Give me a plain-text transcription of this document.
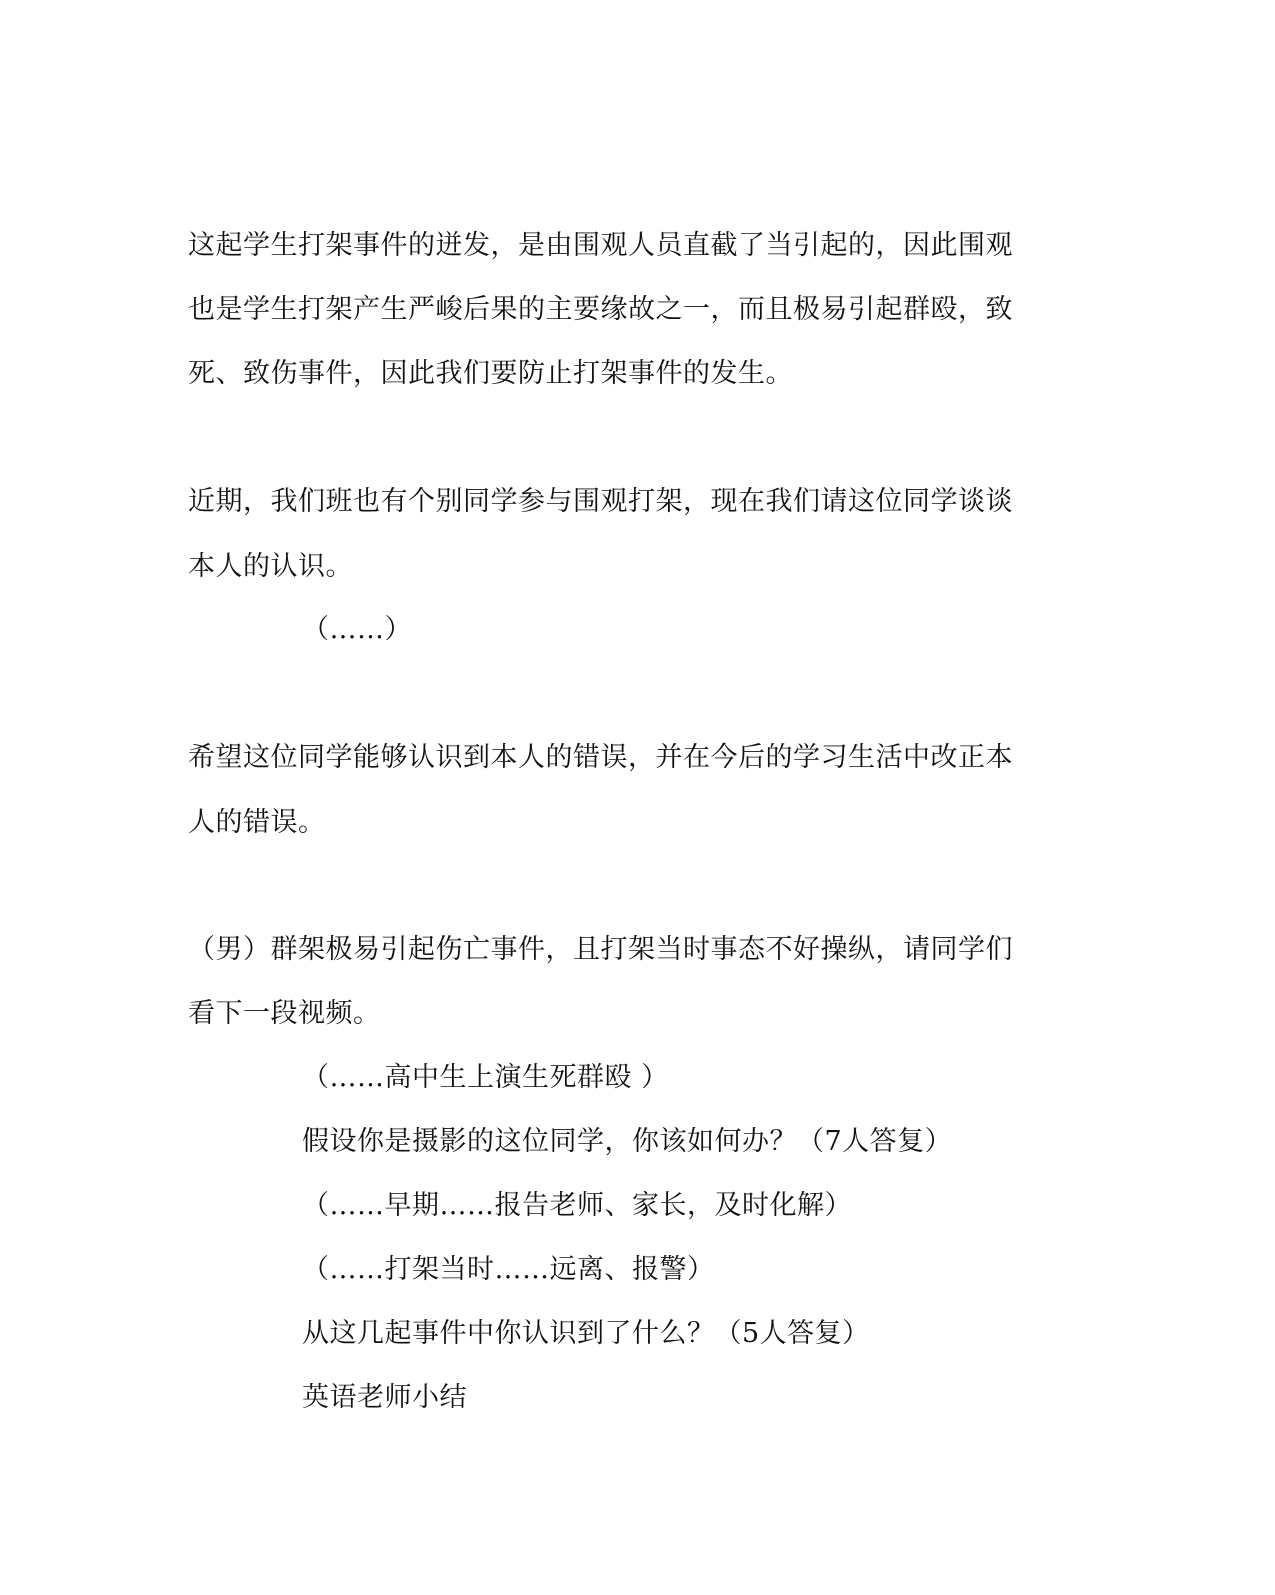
这起学生打架事件的迸发，是由围观人员直截了当引起的，因此围观
也是学生打架产生严峻后果的主要缘故之一，而且极易引起群殴，致
死、致伤事件，因此我们要防止打架事件的发生。
近期，我们班也有个别同学参与围观打架，现在我们请这位同学谈谈
本人的认识。
（……）
希望这位同学能够认识到本人的错误，并在今后的学习生活中改正本
人的错误。
（男）群架极易引起伤亡事件，且打架当时事态不好操纵，请同学们
看下一段视频。
（……高中生上演生死群殴 ）
假设你是摄影的这位同学，你该如何办？（7人答复）
（……早期……报告老师、家长，及时化解）
（……打架当时……远离、报警）
从这几起事件中你认识到了什么？（5人答复）
英语老师小结
